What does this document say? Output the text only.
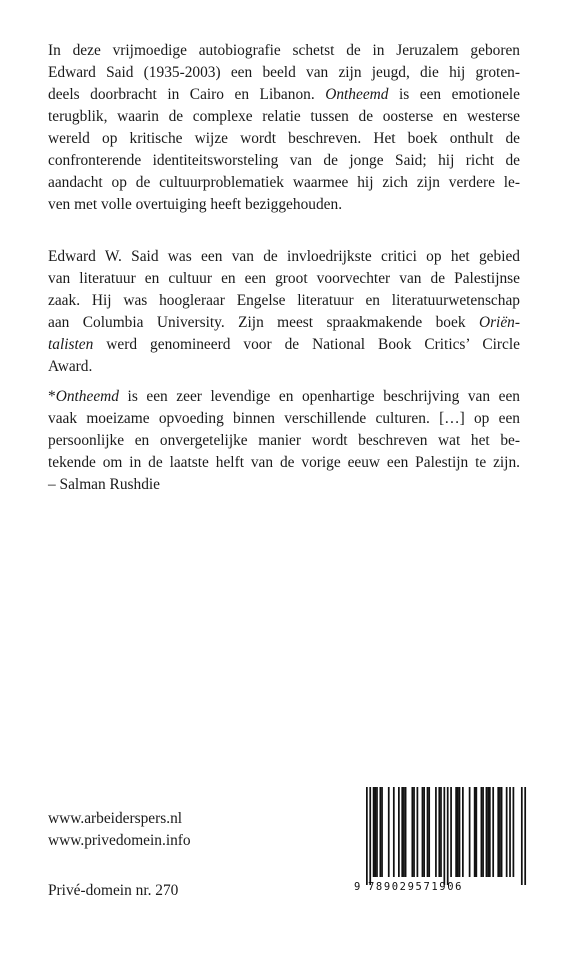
In deze vrijmoedige autobiografie schetst de in Jeruzalem geboren
Edward Said (1935-2003) een beeld van zijn jeugd, die hij groten-
deels doorbracht in Cairo en Libanon. Ontheemd is een emotionele
terugblik, waarin de complexe relatie tussen de oosterse en westerse
wereld op kritische wijze wordt beschreven. Het boek onthult de
confronterende identiteitsworsteling van de jonge Said; hij richt de
aandacht op de cultuurproblematiek waarmee hij zich zijn verdere le-
ven met volle overtuiging heeft beziggehouden.
Edward W. Said was een van de invloedrijkste critici op het gebied
van literatuur en cultuur en een groot voorvechter van de Palestijnse
zaak. Hij was hoogleraar Engelse literatuur en literatuurwetenschap
aan Columbia University. Zijn meest spraakmakende boek Oriën-
talisten werd genomineerd voor de National Book Critics’ Circle
Award.
*Ontheemd is een zeer levendige en openhartige beschrijving van een
vaak moeizame opvoeding binnen verschillende culturen. […] op een
persoonlijke en onvergetelijke manier wordt beschreven wat het be-
tekende om in de laatste helft van de vorige eeuw een Palestijn te zijn.
– Salman Rushdie
www.arbeiderspers.nl
www.privedomein.info
Privé-domein nr. 270	9 789029571906
